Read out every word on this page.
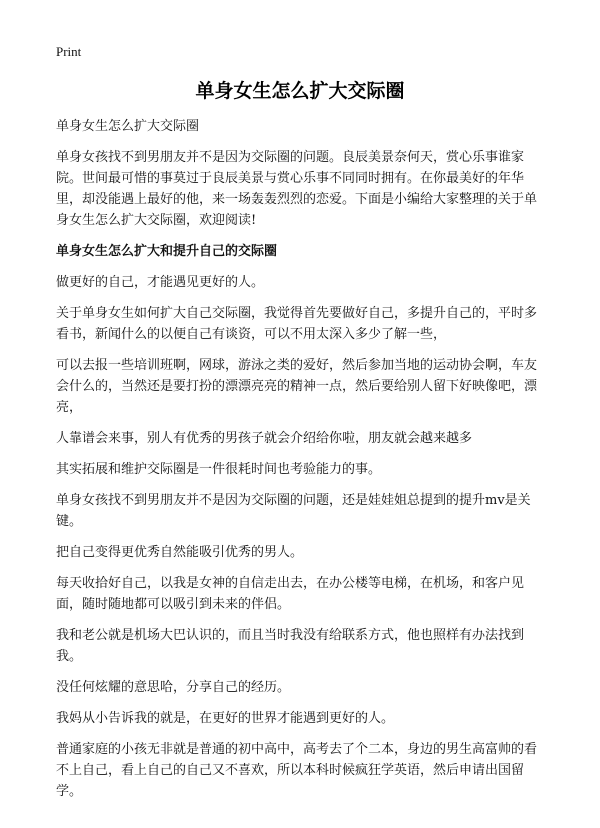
Print
单身女生怎么扩大交际圈
单身女生怎么扩大交际圈
单身女孩找不到男朋友并不是因为交际圈的问题。良辰美景奈何天，赏心乐事谁家院。世间最可惜的事莫过于良辰美景与赏心乐事不同同时拥有。在你最美好的年华里，却没能遇上最好的他，来一场轰轰烈烈的恋爱。下面是小编给大家整理的关于单身女生怎么扩大交际圈，欢迎阅读!
单身女生怎么扩大和提升自己的交际圈
做更好的自己，才能遇见更好的人。
关于单身女生如何扩大自己交际圈，我觉得首先要做好自己，多提升自己的，平时多看书，新闻什么的以便自己有谈资，可以不用太深入多少了解一些，
可以去报一些培训班啊，网球，游泳之类的爱好，然后参加当地的运动协会啊，车友会什么的，当然还是要打扮的漂漂亮亮的精神一点，然后要给别人留下好映像吧，漂亮，
人靠谱会来事，别人有优秀的男孩子就会介绍给你啦，朋友就会越来越多
其实拓展和维护交际圈是一件很耗时间也考验能力的事。
单身女孩找不到男朋友并不是因为交际圈的问题，还是娃娃姐总提到的提升mv是关键。
把自己变得更优秀自然能吸引优秀的男人。
每天收拾好自己，以我是女神的自信走出去，在办公楼等电梯，在机场，和客户见面，随时随地都可以吸引到未来的伴侣。
我和老公就是机场大巴认识的，而且当时我没有给联系方式，他也照样有办法找到我。
没任何炫耀的意思哈，分享自己的经历。
我妈从小告诉我的就是，在更好的世界才能遇到更好的人。
普通家庭的小孩无非就是普通的初中高中，高考去了个二本，身边的男生高富帅的看不上自己，看上自己的自己又不喜欢，所以本科时候疯狂学英语，然后申请出国留学。
